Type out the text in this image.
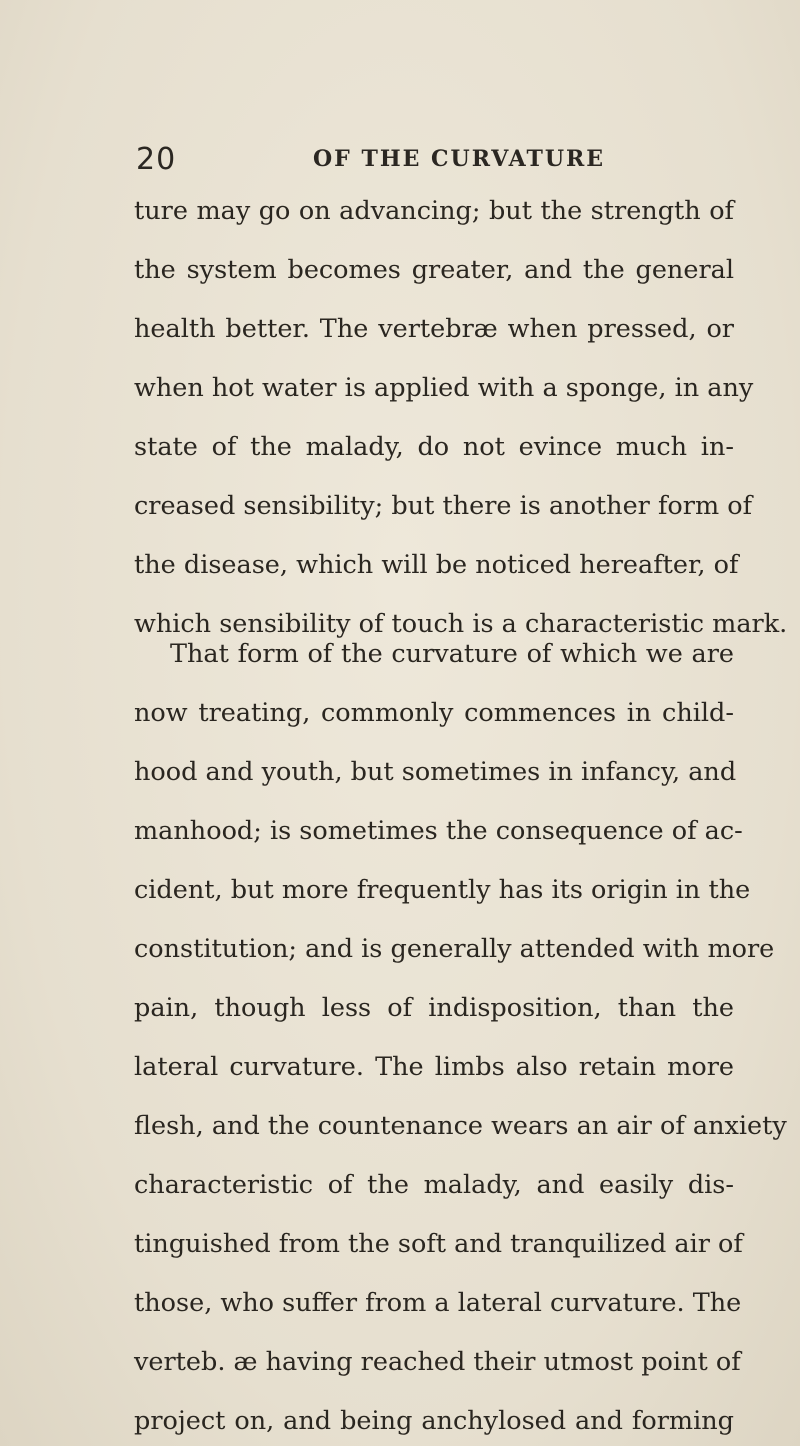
20	OF THE CURVATURE
ture may go on advancing; but the strength of
the system becomes greater, and the general
health better. The vertebræ when pressed, or
when hot water is applied with a sponge, in any
state of the malady, do not evince much in-
creased sensibility; but there is another form of
the disease, which will be noticed hereafter, of
which sensibility of touch is a characteristic mark.
That form of the curvature of which we are
now treating, commonly commences in child-
hood and youth, but sometimes in infancy, and
manhood; is sometimes the consequence of ac-
cident, but more frequently has its origin in the
constitution; and is generally attended with more
pain, though less of indisposition, than the
lateral curvature. The limbs also retain more
flesh, and the countenance wears an air of anxiety
characteristic of the malady, and easily dis-
tinguished from the soft and tranquilized air of
those, who suffer from a lateral curvature. The
verteb. æ having reached their utmost point of
project on, and being anchylosed and forming
